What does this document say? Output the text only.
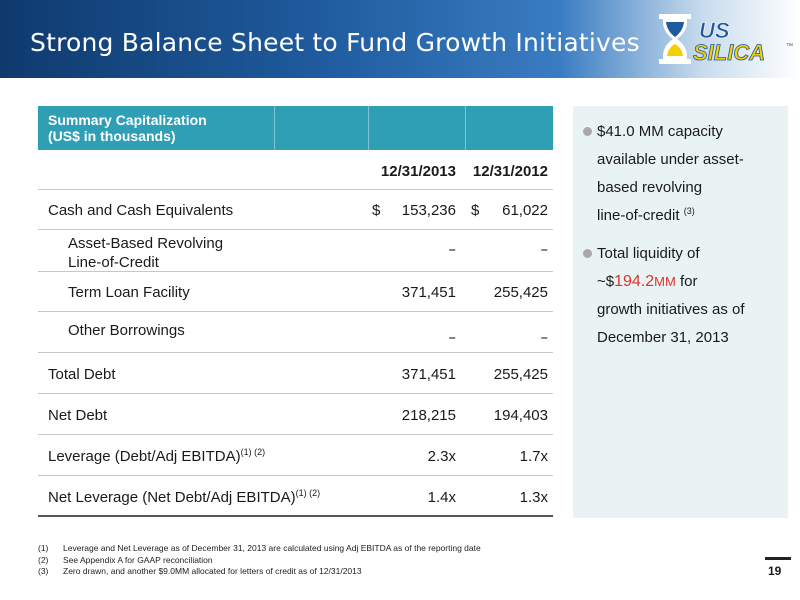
Strong Balance Sheet to Fund Growth Initiatives	US
SILICA	™
Summary Capitalization
(US$ in thousands)
12/31/2013 12/31/2012
Cash and Cash Equivalents	$ 153,236 $ 61,022
Asset-Based Revolving
Line-of-Credit
–	–
Term Loan Facility	371,451	255,425
Other Borrowings	–	–
Total Debt	371,451	255,425
Net Debt	218,215	194,403
Leverage (Debt/Adj EBITDA)$^{(1) (2)}$	2.3x	1.7x
Net Leverage (Net Debt/Adj EBITDA)$^{(1) (2)}$	1.4x	1.3x
$41.0 MM capacity
available under asset-
based revolving
line-of-credit $^{(3)}$
Total liquidity of
~$194.2MM for
growth initiatives as of
December 31, 2013
(1) Leverage and Net Leverage as of December 31, 2013 are calculated using Adj EBITDA as of the reporting date
(2) See Appendix A for GAAP reconciliation
(3) Zero drawn, and another $9.0MM allocated for letters of credit as of 12/31/2013	19
